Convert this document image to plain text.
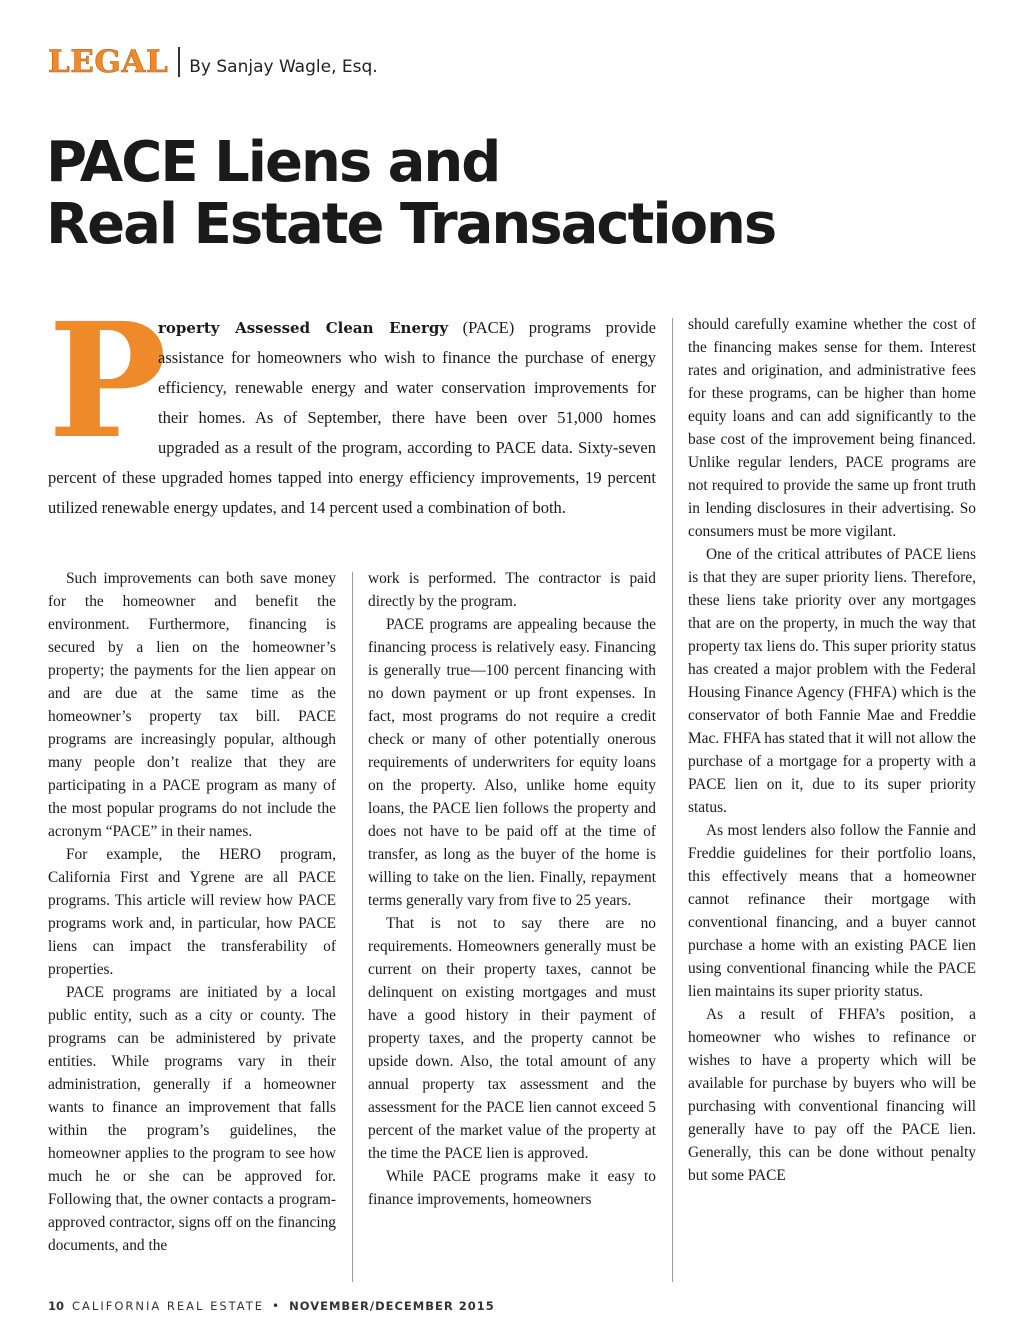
LEGAL By Sanjay Wagle, Esq.
PACE Liens and
Real Estate Transactions
P
roperty Assessed Clean Energy (PACE) programs provide assistance for homeowners who wish to finance the purchase of energy efficiency, renewable energy and water conservation improvements for their homes. As of September, there have been over 51,000 homes upgraded as a result of the program, according to PACE data. Sixty-seven percent of these upgraded homes tapped into energy efficiency improvements, 19 percent utilized renewable energy updates, and 14 percent used a combination of both.

Such improvements can both save money for the homeowner and benefit the environment. Furthermore, financing is secured by a lien on the homeowner’s property; the payments for the lien appear on and are due at the same time as the homeowner’s property tax bill. PACE programs are increasingly popular, although many people don’t realize that they are participating in a PACE program as many of the most popular programs do not include the acronym “PACE” in their names.

For example, the HERO program, California First and Ygrene are all PACE programs. This article will review how PACE programs work and, in particular, how PACE liens can impact the transferability of properties.

PACE programs are initiated by a local public entity, such as a city or county. The programs can be administered by private entities. While programs vary in their administration, generally if a homeowner wants to finance an improvement that falls within the program’s guidelines, the homeowner applies to the program to see how much he or she can be approved for. Following that, the owner contacts a program-approved contractor, signs off on the financing documents, and the

work is performed. The contractor is paid directly by the program.

PACE programs are appealing because the financing process is relatively easy. Financing is generally true—100 percent financing with no down payment or up front expenses. In fact, most programs do not require a credit check or many of other potentially onerous requirements of underwriters for equity loans on the property. Also, unlike home equity loans, the PACE lien follows the property and does not have to be paid off at the time of transfer, as long as the buyer of the home is willing to take on the lien. Finally, repayment terms generally vary from five to 25 years.

That is not to say there are no requirements. Homeowners generally must be current on their property taxes, cannot be delinquent on existing mortgages and must have a good history in their payment of property taxes, and the property cannot be upside down. Also, the total amount of any annual property tax assessment and the assessment for the PACE lien cannot exceed 5 percent of the market value of the property at the time the PACE lien is approved.

While PACE programs make it easy to finance improvements, homeowners

should carefully examine whether the cost of the financing makes sense for them. Interest rates and origination, and administrative fees for these programs, can be higher than home equity loans and can add significantly to the base cost of the improvement being financed. Unlike regular lenders, PACE programs are not required to provide the same up front truth in lending disclosures in their advertising. So consumers must be more vigilant.

One of the critical attributes of PACE liens is that they are super priority liens. Therefore, these liens take priority over any mortgages that are on the property, in much the way that property tax liens do. This super priority status has created a major problem with the Federal Housing Finance Agency (FHFA) which is the conservator of both Fannie Mae and Freddie Mac. FHFA has stated that it will not allow the purchase of a mortgage for a property with a PACE lien on it, due to its super priority status.

As most lenders also follow the Fannie and Freddie guidelines for their portfolio loans, this effectively means that a homeowner cannot refinance their mortgage with conventional financing, and a buyer cannot purchase a home with an existing PACE lien using conventional financing while the PACE lien maintains its super priority status.

As a result of FHFA’s position, a homeowner who wishes to refinance or wishes to have a property which will be available for purchase by buyers who will be purchasing with conventional financing will generally have to pay off the PACE lien. Generally, this can be done without penalty but some PACE

10 CALIFORNIA REAL ESTATE • NOVEMBER/DECEMBER 2015
